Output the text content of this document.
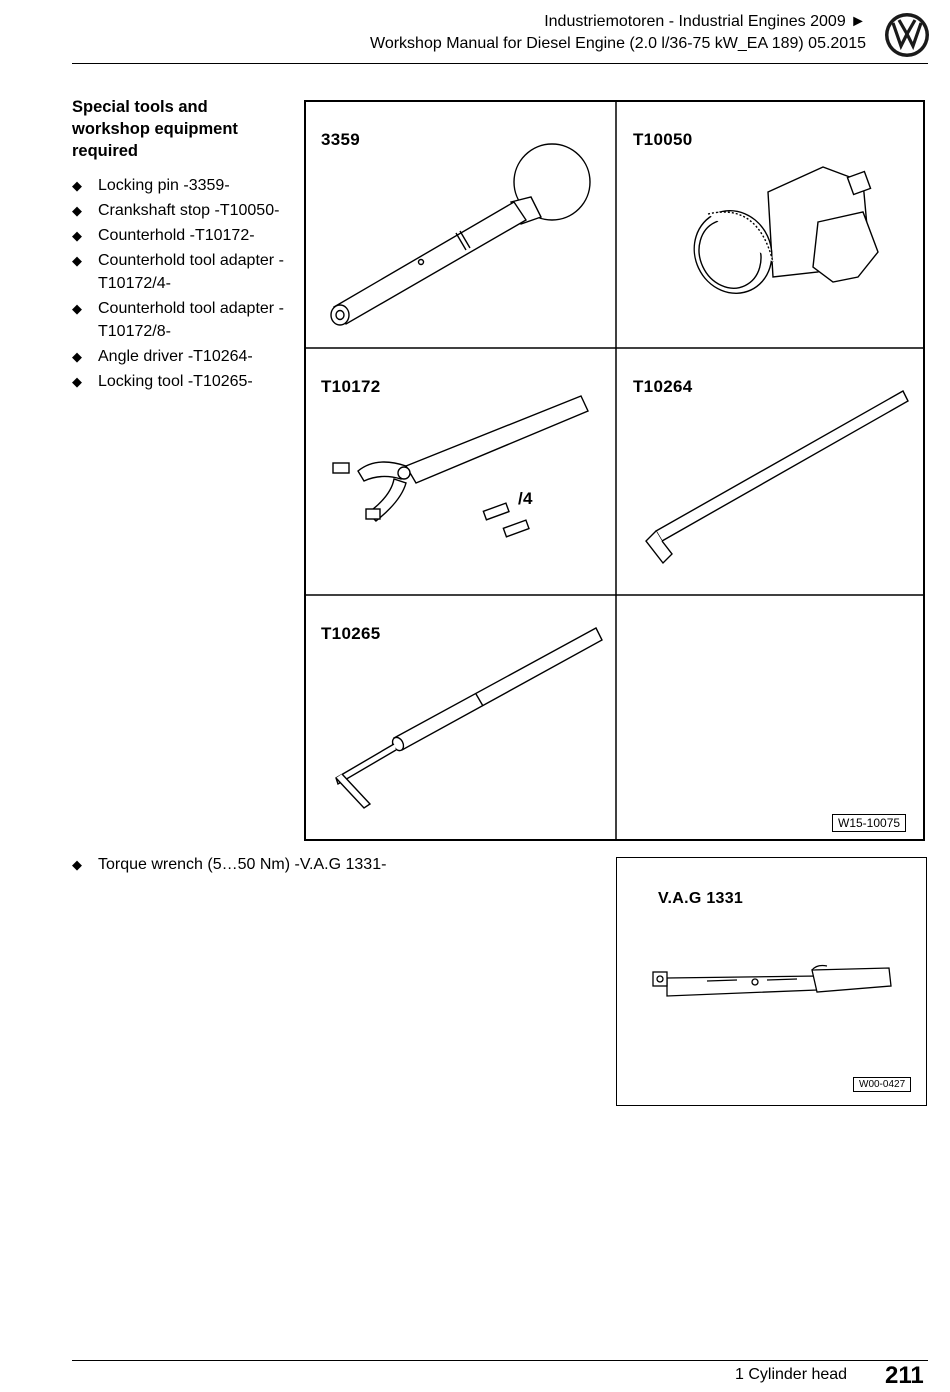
Industriemotoren - Industrial Engines 2009 ►
Workshop Manual for Diesel Engine (2.0 l/36-75 kW_EA 189) 05.2015
Special tools and workshop equipment required
◆ Locking pin -3359-
◆ Crankshaft stop -T10050-
◆ Counterhold -T10172-
◆ Counterhold tool adapter -T10172/4-
◆ Counterhold tool adapter -T10172/8-
◆ Angle driver -T10264-
◆ Locking tool -T10265-
3359	T10050
T10172
/4
T10264
T10265
W15-10075
◆ Torque wrench (5…50 Nm) -V.A.G 1331-
V.A.G 1331
W00-0427
1 Cylinder head 211
